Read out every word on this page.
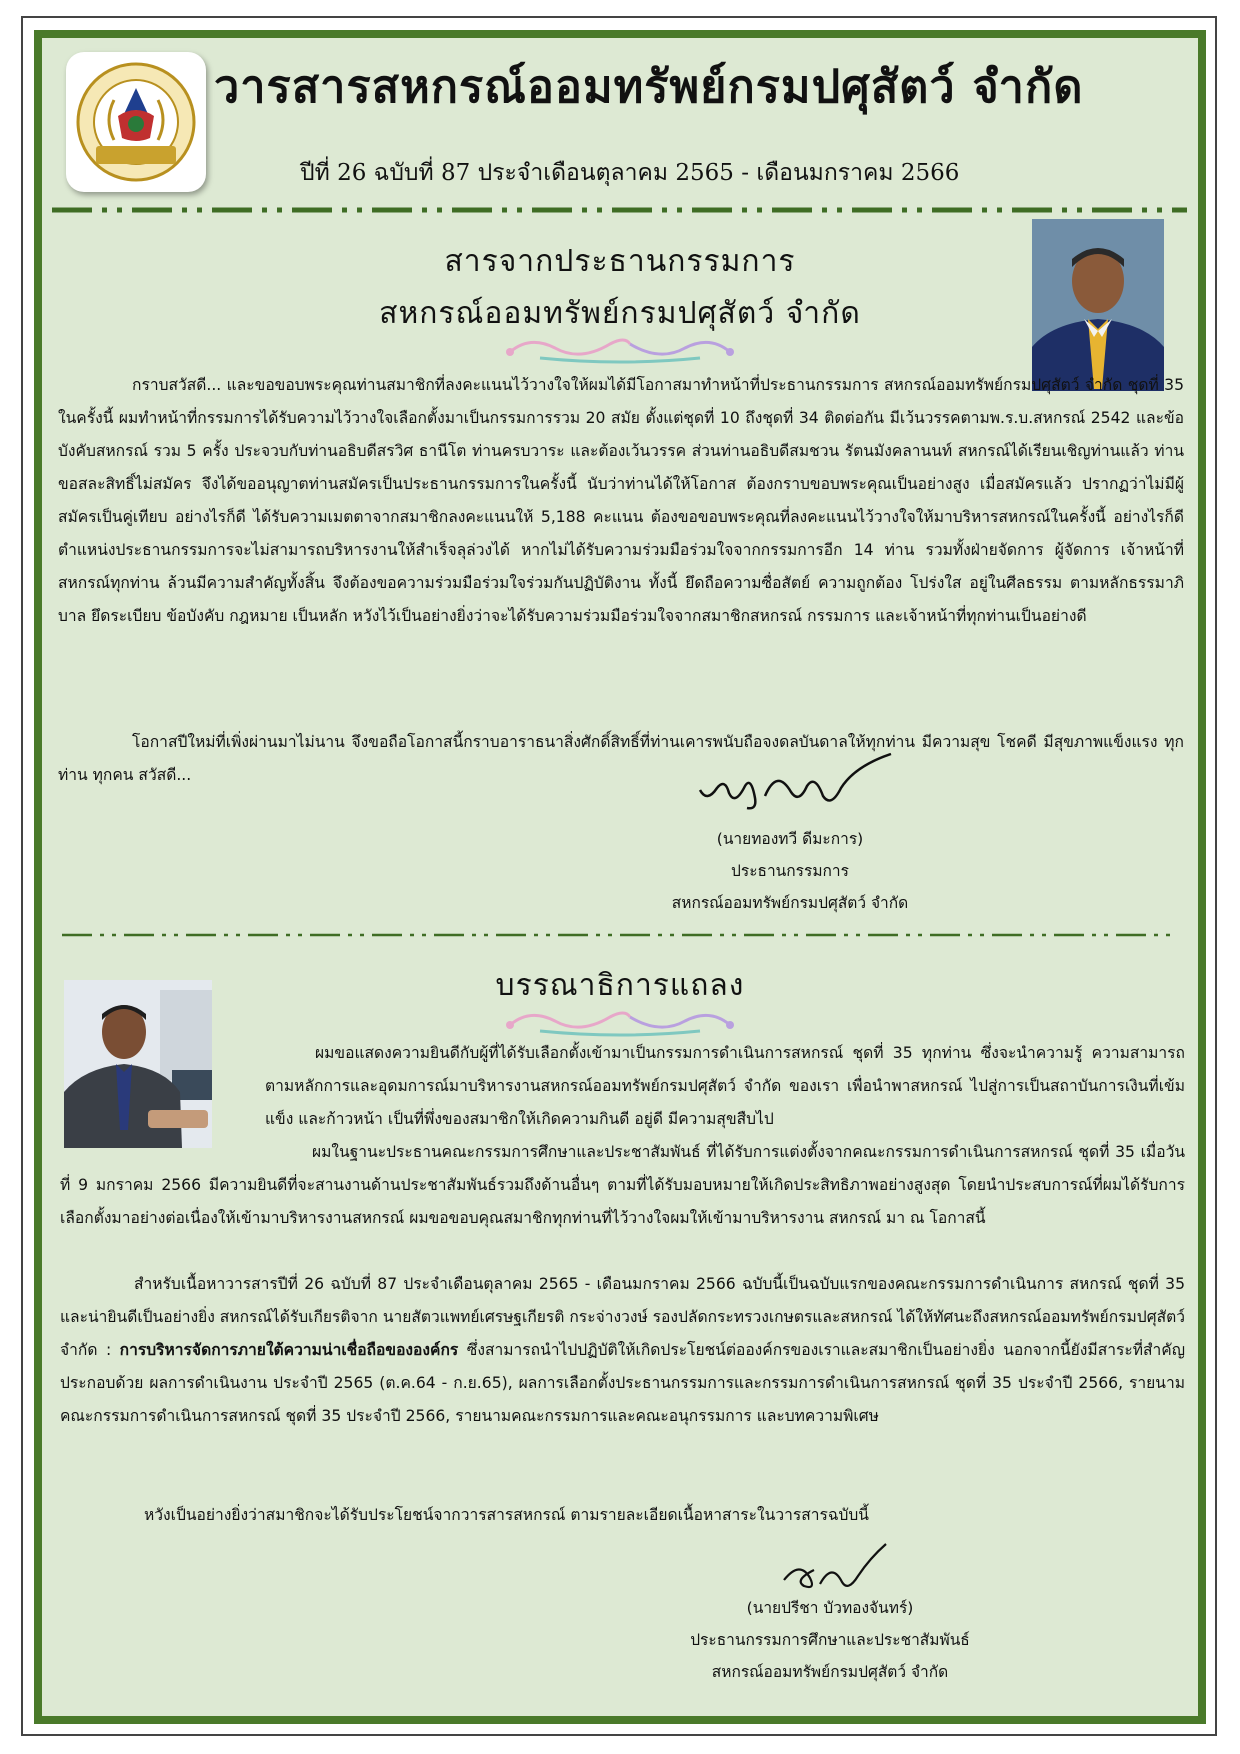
วารสารสหกรณ์ออมทรัพย์กรมปศุสัตว์ จำกัด
ปีที่ 26 ฉบับที่ 87 ประจำเดือนตุลาคม 2565 - เดือนมกราคม 2566
สารจากประธานกรรมการ
สหกรณ์ออมทรัพย์กรมปศุสัตว์ จำกัด
กราบสวัสดี... และขอขอบพระคุณท่านสมาชิกที่ลงคะแนนไว้วางใจให้ผมได้มีโอกาสมาทำหน้าที่ประธานกรรมการ สหกรณ์ออมทรัพย์กรมปศุสัตว์ จำกัด ชุดที่ 35 ในครั้งนี้ ผมทำหน้าที่กรรมการได้รับความไว้วางใจเลือกตั้งมาเป็นกรรมการรวม 20 สมัย ตั้งแต่ชุดที่ 10 ถึงชุดที่ 34 ติดต่อกัน มีเว้นวรรคตามพ.ร.บ.สหกรณ์ 2542 และข้อบังคับสหกรณ์ รวม 5 ครั้ง ประจวบกับท่านอธิบดีสรวิศ ธานีโต ท่านครบวาระ และต้องเว้นวรรค ส่วนท่านอธิบดีสมชวน รัตนมังคลานนท์ สหกรณ์ได้เรียนเชิญท่านแล้ว ท่านขอสละสิทธิ์ไม่สมัคร จึงได้ขออนุญาตท่านสมัครเป็นประธานกรรมการในครั้งนี้ นับว่าท่านได้ให้โอกาส ต้องกราบขอบพระคุณเป็นอย่างสูง เมื่อสมัครแล้ว ปรากฏว่าไม่มีผู้สมัครเป็นคู่เทียบ อย่างไรก็ดี ได้รับความเมตตาจากสมาชิกลงคะแนนให้ 5,188 คะแนน ต้องขอขอบพระคุณที่ลงคะแนนไว้วางใจให้มาบริหารสหกรณ์ในครั้งนี้ อย่างไรก็ดีตำแหน่งประธานกรรมการจะไม่สามารถบริหารงานให้สำเร็จลุล่วงได้ หากไม่ได้รับความร่วมมือร่วมใจจากกรรมการอีก 14 ท่าน รวมทั้งฝ่ายจัดการ ผู้จัดการ เจ้าหน้าที่สหกรณ์ทุกท่าน ล้วนมีความสำคัญทั้งสิ้น จึงต้องขอความร่วมมือร่วมใจร่วมกันปฏิบัติงาน ทั้งนี้ ยึดถือความซื่อสัตย์ ความถูกต้อง โปร่งใส อยู่ในศีลธรรม ตามหลักธรรมาภิบาล ยึดระเบียบ ข้อบังคับ กฎหมาย เป็นหลัก หวังไว้เป็นอย่างยิ่งว่าจะได้รับความร่วมมือร่วมใจจากสมาชิกสหกรณ์ กรรมการ และเจ้าหน้าที่ทุกท่านเป็นอย่างดี
โอกาสปีใหม่ที่เพิ่งผ่านมาไม่นาน จึงขอถือโอกาสนี้กราบอาราธนาสิ่งศักดิ์สิทธิ์ที่ท่านเคารพนับถือจงดลบันดาลให้ทุกท่าน มีความสุข โชคดี มีสุขภาพแข็งแรง ทุกท่าน ทุกคน สวัสดี...
(นายทองทวี ดีมะการ)
ประธานกรรมการ
สหกรณ์ออมทรัพย์กรมปศุสัตว์ จำกัด
บรรณาธิการแถลง
ผมขอแสดงความยินดีกับผู้ที่ได้รับเลือกตั้งเข้ามาเป็นกรรมการดำเนินการสหกรณ์ ชุดที่ 35 ทุกท่าน ซึ่งจะนำความรู้ ความสามารถ ตามหลักการและอุดมการณ์มาบริหารงานสหกรณ์ออมทรัพย์กรมปศุสัตว์ จำกัด ของเรา เพื่อนำพาสหกรณ์ ไปสู่การเป็นสถาบันการเงินที่เข้มแข็ง และก้าวหน้า เป็นที่พึ่งของสมาชิกให้เกิดความกินดี อยู่ดี มีความสุขสืบไป
ผมในฐานะประธานคณะกรรมการศึกษาและประชาสัมพันธ์ ที่ได้รับการแต่งตั้งจากคณะกรรมการดำเนินการสหกรณ์ ชุดที่ 35 เมื่อวันที่ 9 มกราคม 2566 มีความยินดีที่จะสานงานด้านประชาสัมพันธ์รวมถึงด้านอื่นๆ ตามที่ได้รับมอบหมายให้เกิดประสิทธิภาพอย่างสูงสุด โดยนำประสบการณ์ที่ผมได้รับการเลือกตั้งมาอย่างต่อเนื่องให้เข้ามาบริหารงานสหกรณ์ ผมขอขอบคุณสมาชิกทุกท่านที่ไว้วางใจผมให้เข้ามาบริหารงาน สหกรณ์ มา ณ โอกาสนี้
สำหรับเนื้อหาวารสารปีที่ 26 ฉบับที่ 87 ประจำเดือนตุลาคม 2565 - เดือนมกราคม 2566 ฉบับนี้เป็นฉบับแรกของคณะกรรมการดำเนินการ สหกรณ์ ชุดที่ 35 และน่ายินดีเป็นอย่างยิ่ง สหกรณ์ได้รับเกียรติจาก นายสัตวแพทย์เศรษฐเกียรติ กระจ่างวงษ์ รองปลัดกระทรวงเกษตรและสหกรณ์ ได้ให้ทัศนะถึงสหกรณ์ออมทรัพย์กรมปศุสัตว์ จำกัด : การบริหารจัดการภายใต้ความน่าเชื่อถือขององค์กร ซึ่งสามารถนำไปปฏิบัติให้เกิดประโยชน์ต่อองค์กรของเราและสมาชิกเป็นอย่างยิ่ง นอกจากนี้ยังมีสาระที่สำคัญประกอบด้วย ผลการดำเนินงาน ประจำปี 2565 (ต.ค.64 - ก.ย.65), ผลการเลือกตั้งประธานกรรมการและกรรมการดำเนินการสหกรณ์ ชุดที่ 35 ประจำปี 2566, รายนามคณะกรรมการดำเนินการสหกรณ์ ชุดที่ 35 ประจำปี 2566, รายนามคณะกรรมการและคณะอนุกรรมการ และบทความพิเศษ
หวังเป็นอย่างยิ่งว่าสมาชิกจะได้รับประโยชน์จากวารสารสหกรณ์ ตามรายละเอียดเนื้อหาสาระในวารสารฉบับนี้
(นายปรีชา บัวทองจันทร์)
ประธานกรรมการศึกษาและประชาสัมพันธ์
สหกรณ์ออมทรัพย์กรมปศุสัตว์ จำกัด
